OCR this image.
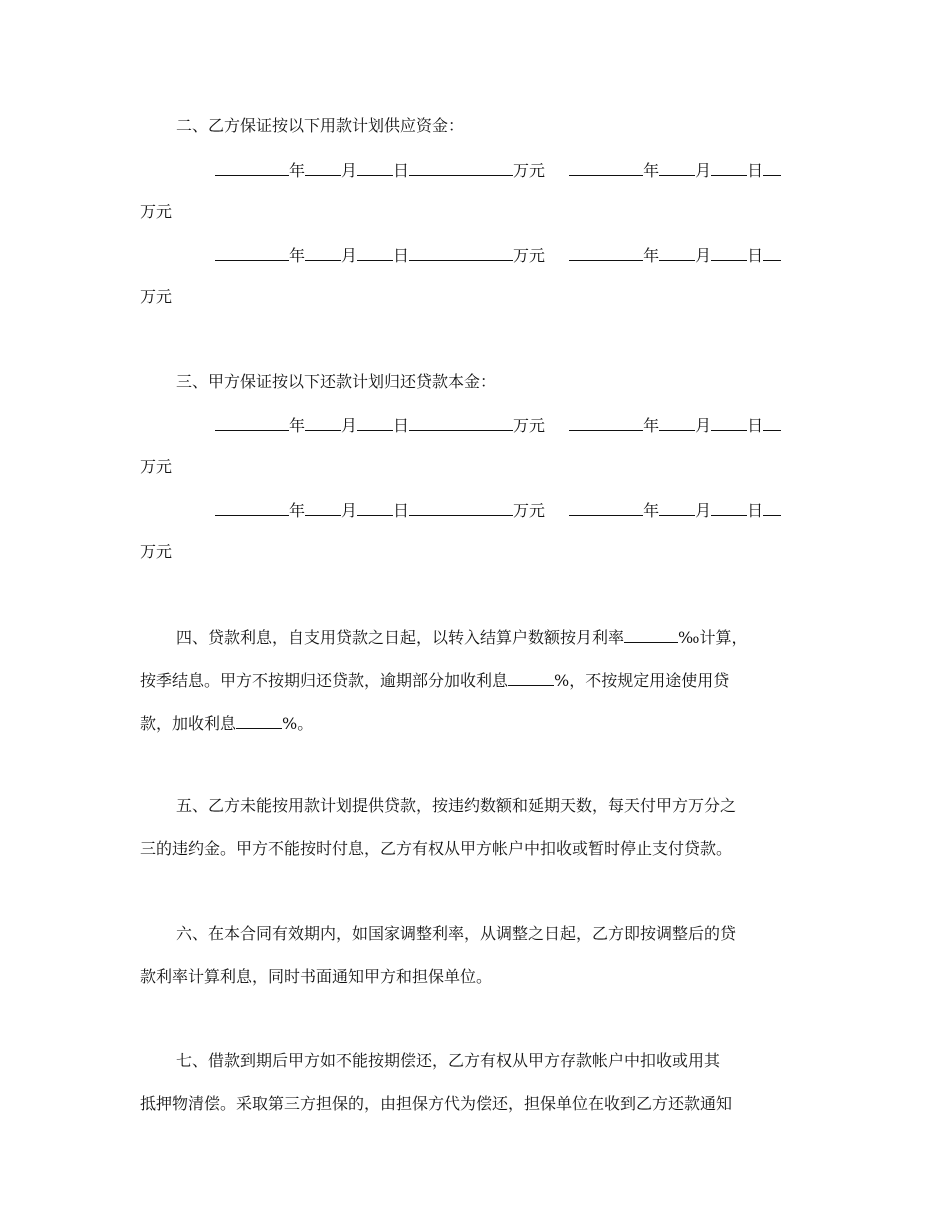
二、乙方保证按以下用款计划供应资金：
年 月 日	万元	年 月 日
万元
年 月 日	万元	年 月 日
万元
三、甲方保证按以下还款计划归还贷款本金：
年 月 日	万元	年 月 日
万元
年 月 日	万元	年 月 日
万元
四、贷款利息，自支用贷款之日起，以转入结算户数额按月利率	‰计算，
按季结息。甲方不按期归还贷款，逾期部分加收利息	%，不按规定用途使用贷
款，加收利息	%。
五、乙方未能按用款计划提供贷款，按违约数额和延期天数，每天付甲方万分之
三的违约金。甲方不能按时付息，乙方有权从甲方帐户中扣收或暂时停止支付贷款。
六、在本合同有效期内，如国家调整利率，从调整之日起，乙方即按调整后的贷
款利率计算利息，同时书面通知甲方和担保单位。
七、借款到期后甲方如不能按期偿还，乙方有权从甲方存款帐户中扣收或用其
抵押物清偿。采取第三方担保的，由担保方代为偿还，担保单位在收到乙方还款通知
